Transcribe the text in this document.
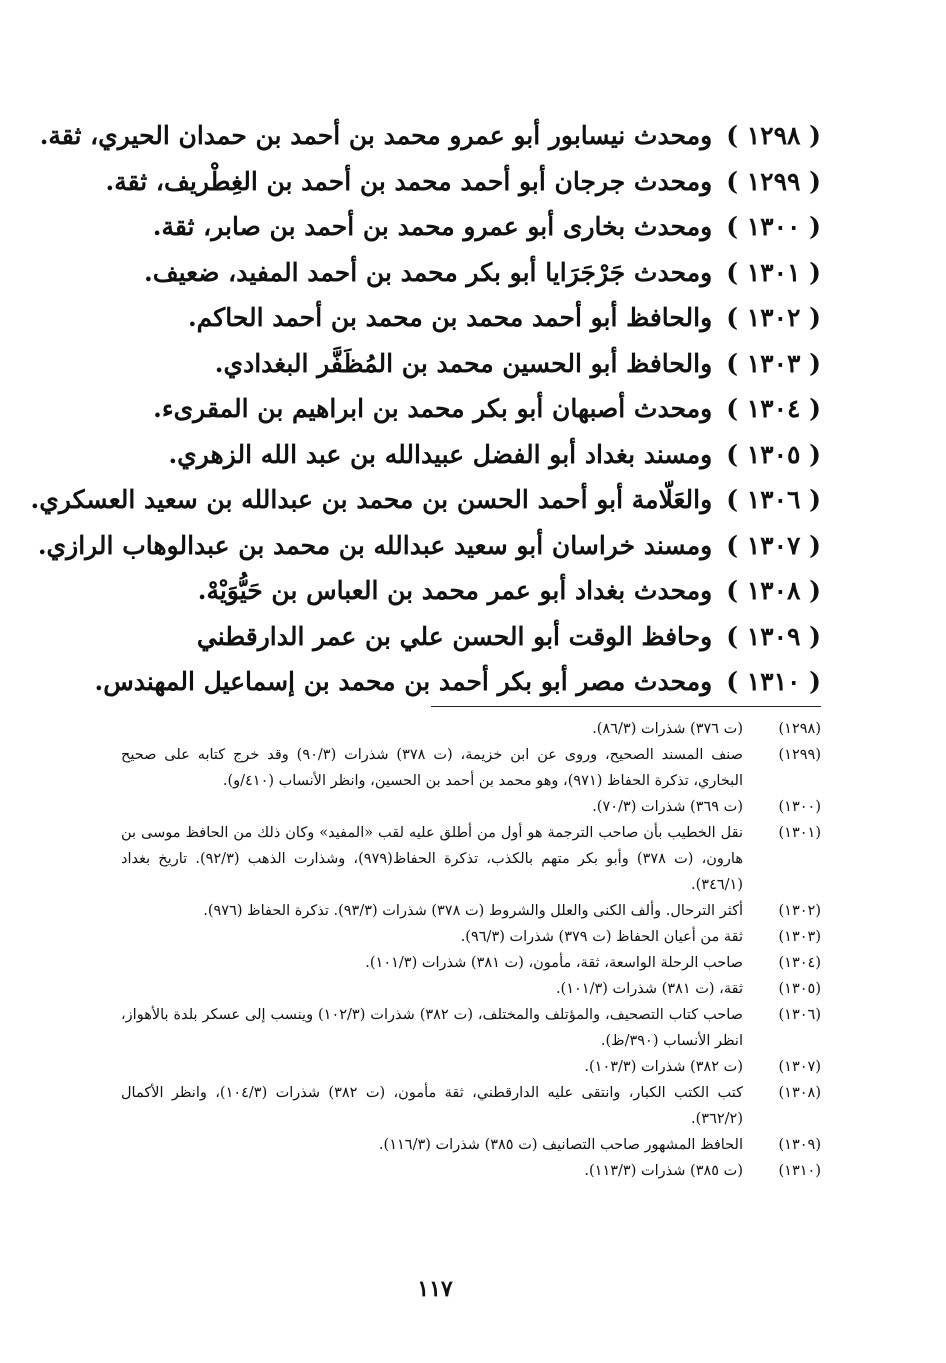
( ١٢٩٨ )
ومحدث نيسابور أبو عمرو محمد بن أحمد بن حمدان الحيري، ثقة.
( ١٢٩٩ )
ومحدث جرجان أبو أحمد محمد بن أحمد بن الغِطْريف، ثقة.
( ١٣٠٠ )
ومحدث بخارى أبو عمرو محمد بن أحمد بن صابر، ثقة.
( ١٣٠١ )
ومحدث جَرْجَرَايا أبو بكر محمد بن أحمد المفيد، ضعيف.
( ١٣٠٢ )
والحافظ أبو أحمد محمد بن محمد بن أحمد الحاكم.
( ١٣٠٣ )
والحافظ أبو الحسين محمد بن المُظَفَّر البغدادي.
( ١٣٠٤ )
ومحدث أصبهان أبو بكر محمد بن ابراهيم بن المقرىء.
( ١٣٠٥ )
ومسند بغداد أبو الفضل عبيدالله بن عبد الله الزهري.
( ١٣٠٦ )
والعَلّامة أبو أحمد الحسن بن محمد بن عبدالله بن سعيد العسكري.
( ١٣٠٧ )
ومسند خراسان أبو سعيد عبدالله بن محمد بن عبدالوهاب الرازي.
( ١٣٠٨ )
ومحدث بغداد أبو عمر محمد بن العباس بن حَيُّوَيْهْ.
( ١٣٠٩ )
وحافظ الوقت أبو الحسن علي بن عمر الدارقطني
( ١٣١٠ )
ومحدث مصر أبو بكر أحمد بن محمد بن إسماعيل المهندس.
(١٢٩٨)
(ت ٣٧٦) شذرات (٨٦/٣).
(١٢٩٩)
صنف المسند الصحيح، وروى عن ابن خزيمة، (ت ٣٧٨) شذرات (٩٠/٣) وقد خرج كتابه على صحيح البخاري، تذكرة الحفاظ (٩٧١)، وهو محمد بن أحمد بن الحسين، وانظر الأنساب (٤١٠/و).
(١٣٠٠)
(ت ٣٦٩) شذرات (٧٠/٣).
(١٣٠١)
نقل الخطيب بأن صاحب الترجمة هو أول من أطلق عليه لقب «المفيد» وكان ذلك من الحافظ موسى بن هارون، (ت ٣٧٨) وأبو بكر متهم بالكذب، تذكرة الحفاظ(٩٧٩)، وشذارت الذهب (٩٢/٣). تاريخ بغداد (٣٤٦/١).
(١٣٠٢)
أكثر الترحال. وألف الكنى والعلل والشروط (ت ٣٧٨) شذرات (٩٣/٣). تذكرة الحفاظ (٩٧٦).
(١٣٠٣)
ثقة من أعيان الحفاظ (ت ٣٧٩) شذرات (٩٦/٣).
(١٣٠٤)
صاحب الرحلة الواسعة، ثقة، مأمون، (ت ٣٨١) شذرات (١٠١/٣).
(١٣٠٥)
ثقة، (ت ٣٨١) شذرات (١٠١/٣).
(١٣٠٦)
صاحب كتاب التصحيف، والمؤتلف والمختلف، (ت ٣٨٢) شذرات (١٠٢/٣) وينسب إلى عسكر بلدة بالأهواز، انظر الأنساب (٣٩٠/ظ).
(١٣٠٧)
(ت ٣٨٢) شذرات (١٠٣/٣).
(١٣٠٨)
كتب الكتب الكبار، وانتقى عليه الدارقطني، ثقة مأمون، (ت ٣٨٢) شذرات (١٠٤/٣)، وانظر الأكمال (٣٦٢/٢).
(١٣٠٩)
الحافظ المشهور صاحب التصانيف (ت ٣٨٥) شذرات (١١٦/٣).
(١٣١٠)
(ت ٣٨٥) شذرات (١١٣/٣).
١١٧
